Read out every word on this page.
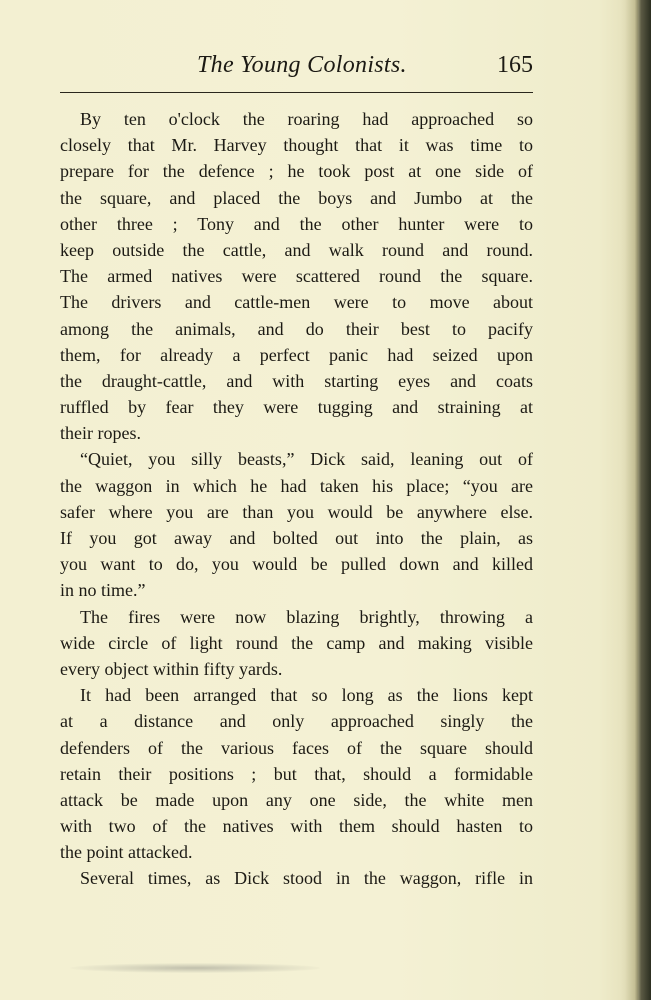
The Young Colonists.	165
By ten o'clock the roaring had approached so
closely that Mr. Harvey thought that it was time to
prepare for the defence ; he took post at one side of
the square, and placed the boys and Jumbo at the
other three ; Tony and the other hunter were to
keep outside the cattle, and walk round and round.
The armed natives were scattered round the square.
The drivers and cattle-men were to move about
among the animals, and do their best to pacify
them, for already a perfect panic had seized upon
the draught-cattle, and with starting eyes and coats
ruffled by fear they were tugging and straining at
their ropes.
“Quiet, you silly beasts,” Dick said, leaning out of
the waggon in which he had taken his place; “you are
safer where you are than you would be anywhere else.
If you got away and bolted out into the plain, as
you want to do, you would be pulled down and killed
in no time.”
The fires were now blazing brightly, throwing a
wide circle of light round the camp and making visible
every object within fifty yards.
It had been arranged that so long as the lions kept
at a distance and only approached singly the
defenders of the various faces of the square should
retain their positions ; but that, should a formidable
attack be made upon any one side, the white men
with two of the natives with them should hasten to
the point attacked.
Several times, as Dick stood in the waggon, rifle in
